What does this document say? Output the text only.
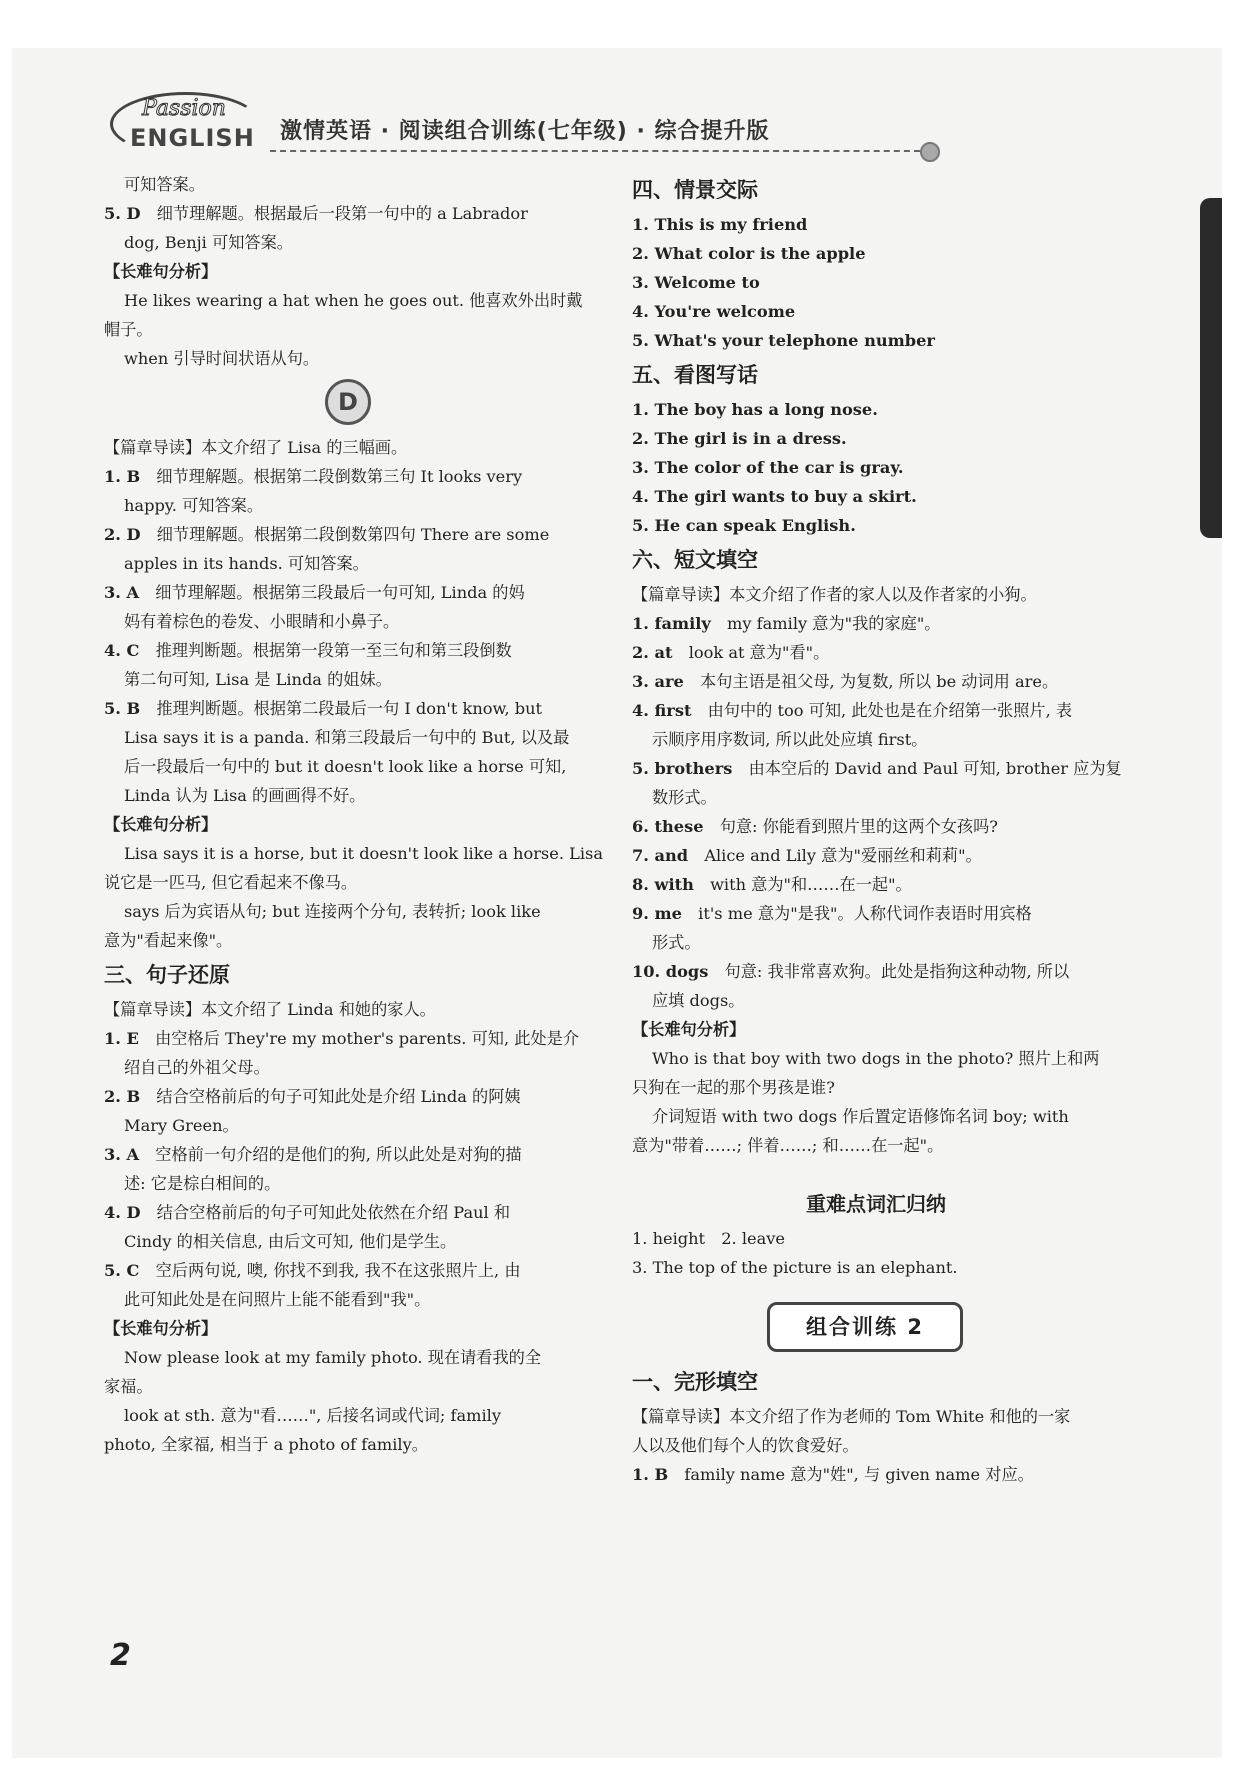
Passion
ENGLISH 激情英语 · 阅读组合训练(七年级) · 综合提升版
可知答案。
5. D　 细节理解题。根据最后一段第一句中的 a Labrador
dog, Benji 可知答案。
【长难句分析】
He likes wearing a hat when he goes out. 他喜欢外出时戴
帽子。
when 引导时间状语从句。
D
【篇章导读】本文介绍了 Lisa 的三幅画。
1. B　 细节理解题。根据第二段倒数第三句 It looks very
happy. 可知答案。
2. D　 细节理解题。根据第二段倒数第四句 There are some
apples in its hands. 可知答案。
3. A　 细节理解题。根据第三段最后一句可知, Linda 的妈
妈有着棕色的卷发、小眼睛和小鼻子。
4. C　 推理判断题。根据第一段第一至三句和第三段倒数
第二句可知, Lisa 是 Linda 的姐妹。
5. B　 推理判断题。根据第二段最后一句 I don't know, but
Lisa says it is a panda. 和第三段最后一句中的 But, 以及最
后一段最后一句中的 but it doesn't look like a horse 可知,
Linda 认为 Lisa 的画画得不好。
【长难句分析】
Lisa says it is a horse, but it doesn't look like a horse. Lisa
说它是一匹马, 但它看起来不像马。
says 后为宾语从句; but 连接两个分句, 表转折; look like
意为"看起来像"。
三、句子还原
【篇章导读】本文介绍了 Linda 和她的家人。
1. E　 由空格后 They're my mother's parents. 可知, 此处是介
绍自己的外祖父母。
2. B　 结合空格前后的句子可知此处是介绍 Linda 的阿姨
Mary Green。
3. A　 空格前一句介绍的是他们的狗, 所以此处是对狗的描
述: 它是棕白相间的。
4. D　 结合空格前后的句子可知此处依然在介绍 Paul 和
Cindy 的相关信息, 由后文可知, 他们是学生。
5. C　 空后两句说, 噢, 你找不到我, 我不在这张照片上, 由
此可知此处是在问照片上能不能看到"我"。
【长难句分析】
Now please look at my family photo. 现在请看我的全
家福。
look at sth. 意为"看……", 后接名词或代词; family
photo, 全家福, 相当于 a photo of family。
四、情景交际
1. This is my friend
2. What color is the apple
3. Welcome to
4. You're welcome
5. What's your telephone number
五、看图写话
1. The boy has a long nose.
2. The girl is in a dress.
3. The color of the car is gray.
4. The girl wants to buy a skirt.
5. He can speak English.
六、短文填空
【篇章导读】本文介绍了作者的家人以及作者家的小狗。
1. family　 my family 意为"我的家庭"。
2. at　 look at 意为"看"。
3. are　 本句主语是祖父母, 为复数, 所以 be 动词用 are。
4. first　 由句中的 too 可知, 此处也是在介绍第一张照片, 表
示顺序用序数词, 所以此处应填 first。
5. brothers　 由本空后的 David and Paul 可知, brother 应为复
数形式。
6. these　 句意: 你能看到照片里的这两个女孩吗?
7. and　 Alice and Lily 意为"爱丽丝和莉莉"。
8. with　 with 意为"和……在一起"。
9. me　 it's me 意为"是我"。人称代词作表语时用宾格
形式。
10. dogs　 句意: 我非常喜欢狗。此处是指狗这种动物, 所以
应填 dogs。
【长难句分析】
Who is that boy with two dogs in the photo? 照片上和两
只狗在一起的那个男孩是谁?
介词短语 with two dogs 作后置定语修饰名词 boy; with
意为"带着……; 伴着……; 和……在一起"。
重难点词汇归纳
1. height　2. leave
3. The top of the picture is an elephant.
组合训练 2
一、完形填空
【篇章导读】本文介绍了作为老师的 Tom White 和他的一家
人以及他们每个人的饮食爱好。
1. B　 family name 意为"姓", 与 given name 对应。
2
